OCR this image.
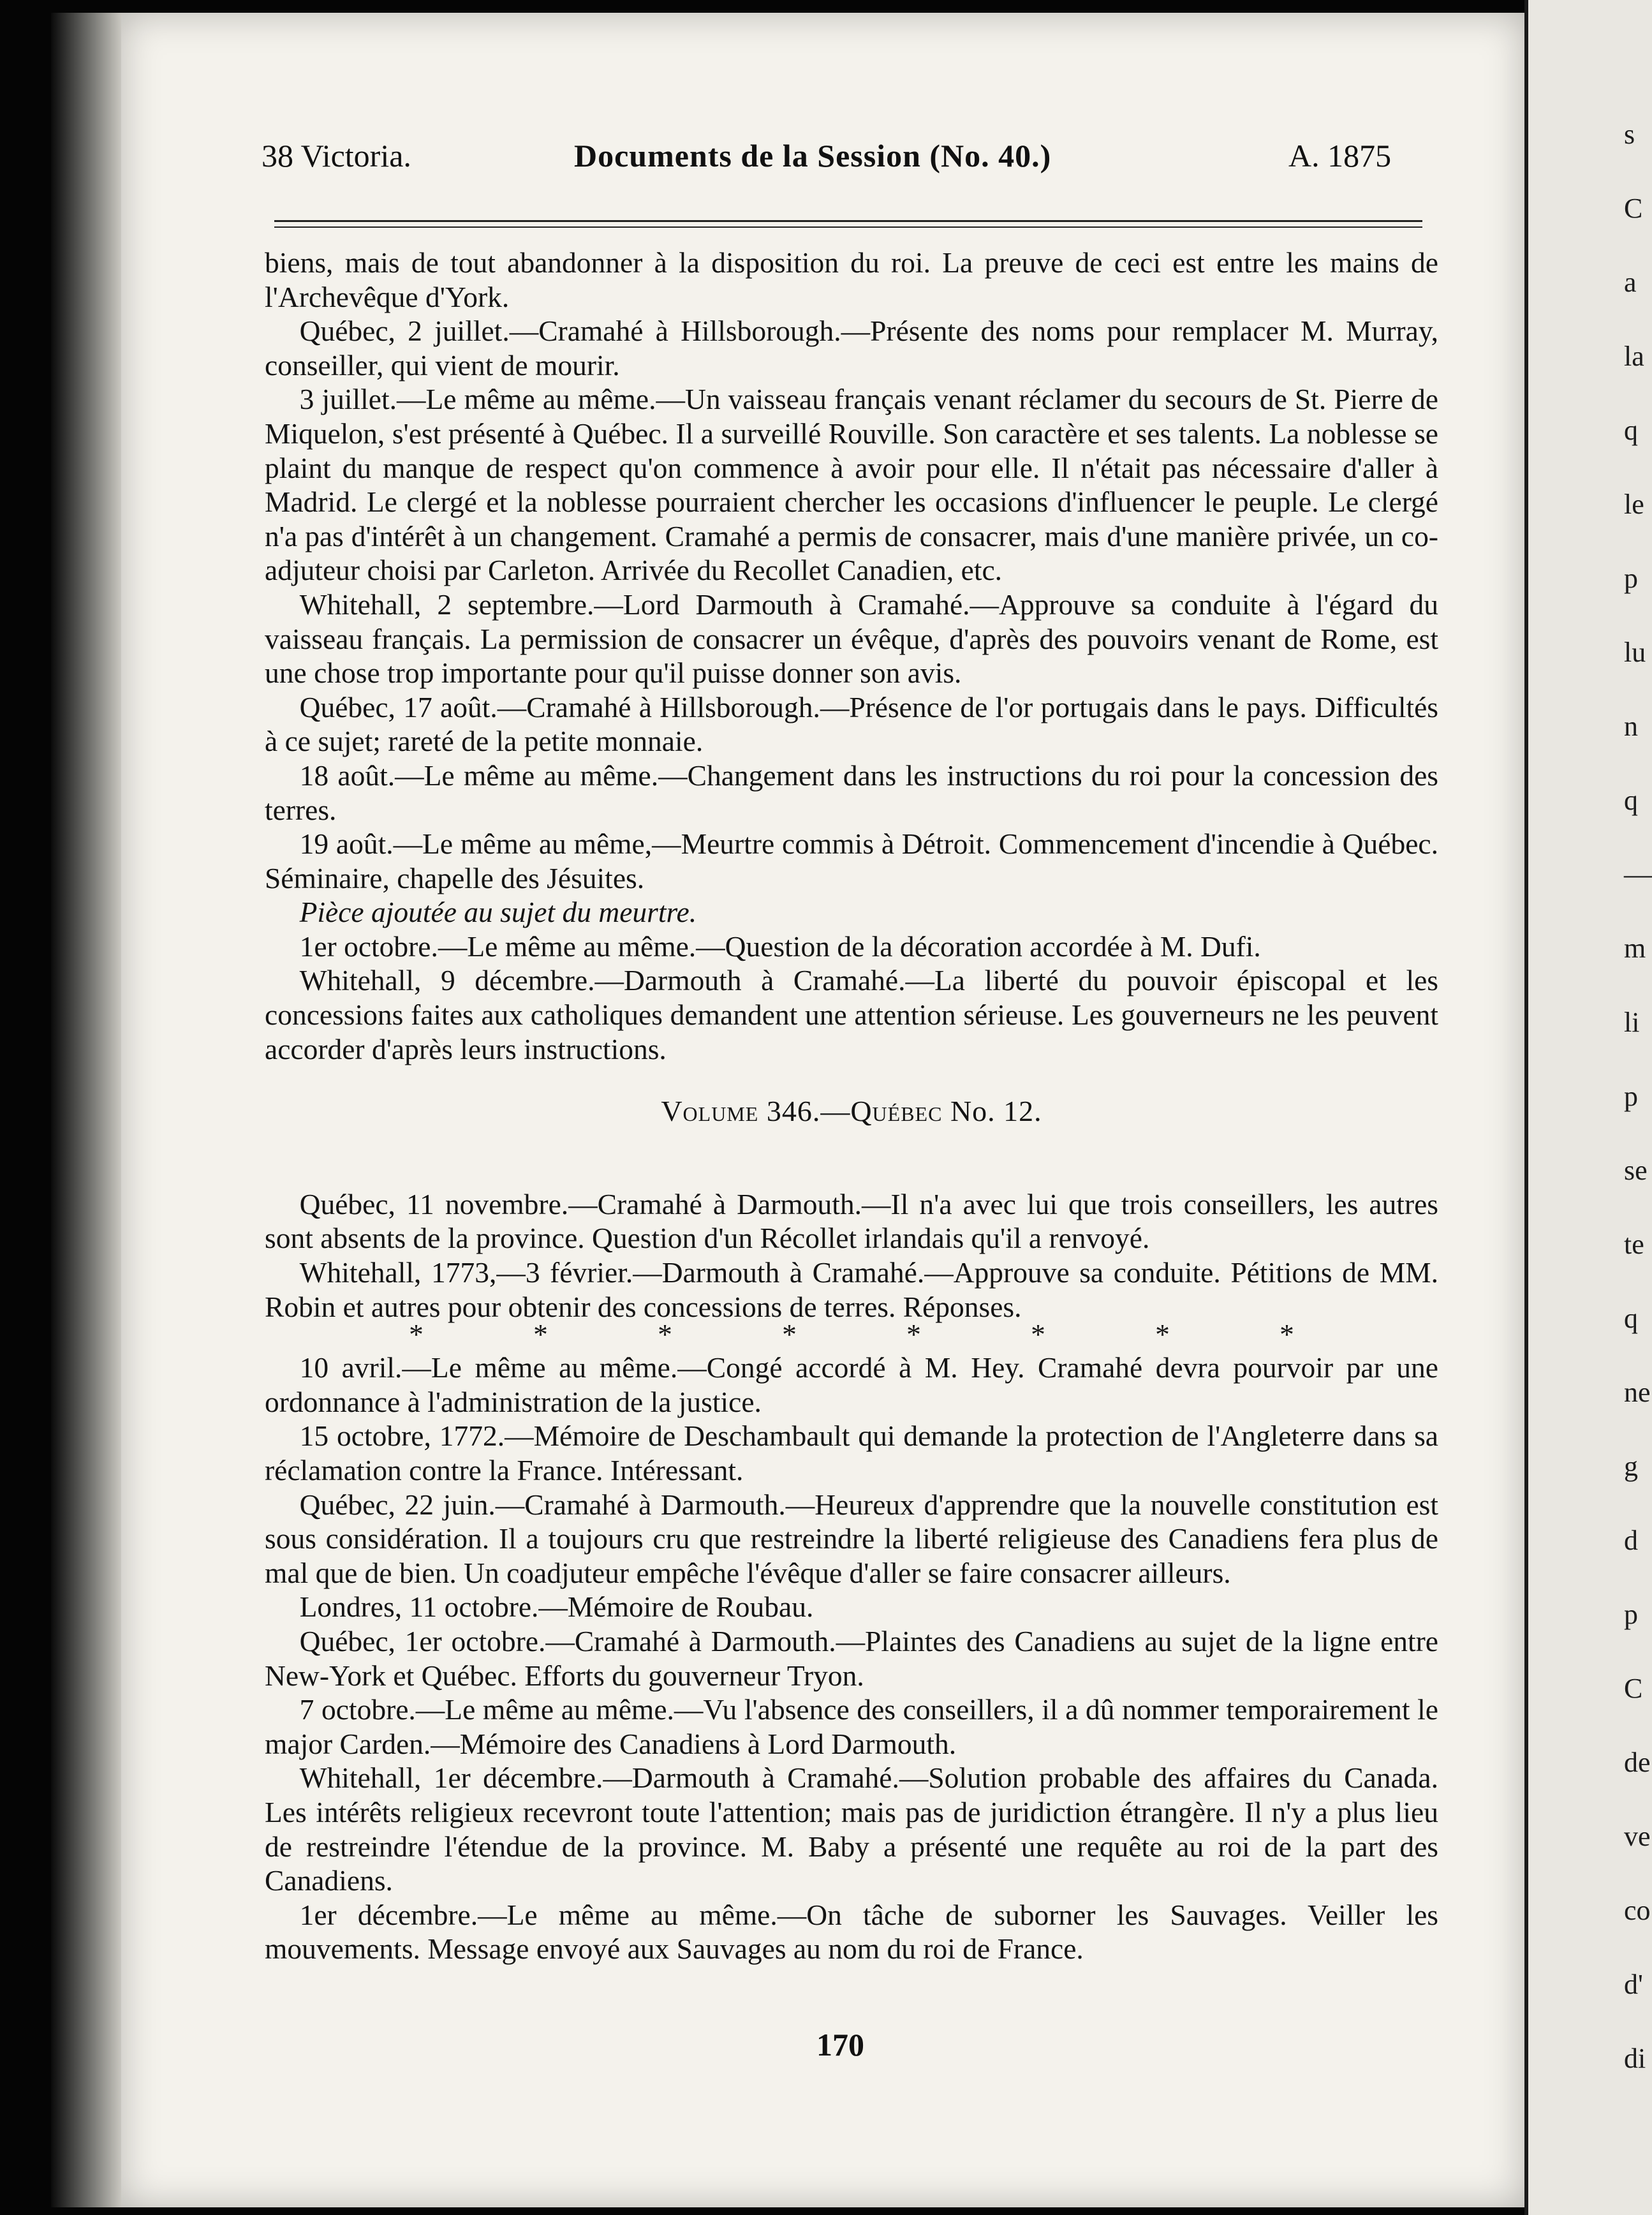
s
C
a
la
q
le
p
lu
n
q
—
m
li
p
se
te
q
ne
g
d
p
C
de
ve
co
d'
di
38 Victoria.	Documents de la Session (No. 40.)	A. 1875

biens, mais de tout abandonner à la disposition du roi. La preuve de ceci est entre les mains de l'Archevêque d'York.

Québec, 2 juillet.—Cramahé à Hillsborough.—Présente des noms pour remplacer M. Murray, conseiller, qui vient de mourir.

3 juillet.—Le même au même.—Un vaisseau français venant réclamer du secours de St. Pierre de Miquelon, s'est présenté à Québec. Il a surveillé Rouville. Son caractère et ses talents. La noblesse se plaint du manque de respect qu'on commence à avoir pour elle. Il n'était pas nécessaire d'aller à Madrid. Le clergé et la noblesse pourraient chercher les occasions d'influencer le peuple. Le clergé n'a pas d'intérêt à un changement. Cramahé a permis de consacrer, mais d'une manière privée, un co-adjuteur choisi par Carleton. Arrivée du Recollet Canadien, etc.

Whitehall, 2 septembre.—Lord Darmouth à Cramahé.—Approuve sa conduite à l'égard du vaisseau français. La permission de consacrer un évêque, d'après des pouvoirs venant de Rome, est une chose trop importante pour qu'il puisse donner son avis.

Québec, 17 août.—Cramahé à Hillsborough.—Présence de l'or portugais dans le pays. Difficultés à ce sujet; rareté de la petite monnaie.

18 août.—Le même au même.—Changement dans les instructions du roi pour la concession des terres.

19 août.—Le même au même,—Meurtre commis à Détroit. Commencement d'incendie à Québec. Séminaire, chapelle des Jésuites.

Pièce ajoutée au sujet du meurtre.

1er octobre.—Le même au même.—Question de la décoration accordée à M. Dufi.

Whitehall, 9 décembre.—Darmouth à Cramahé.—La liberté du pouvoir épiscopal et les concessions faites aux catholiques demandent une attention sérieuse. Les gouverneurs ne les peuvent accorder d'après leurs instructions.

Volume 346.—Québec No. 12.

Québec, 11 novembre.—Cramahé à Darmouth.—Il n'a avec lui que trois conseillers, les autres sont absents de la province. Question d'un Récollet irlandais qu'il a renvoyé.

Whitehall, 1773,—3 février.—Darmouth à Cramahé.—Approuve sa conduite. Pétitions de MM. Robin et autres pour obtenir des concessions de terres. Réponses.

*	*	*	*	*	*	*	*

10 avril.—Le même au même.—Congé accordé à M. Hey. Cramahé devra pourvoir par une ordonnance à l'administration de la justice.

15 octobre, 1772.—Mémoire de Deschambault qui demande la protection de l'Angleterre dans sa réclamation contre la France. Intéressant.

Québec, 22 juin.—Cramahé à Darmouth.—Heureux d'apprendre que la nouvelle constitution est sous considération. Il a toujours cru que restreindre la liberté religieuse des Canadiens fera plus de mal que de bien. Un coadjuteur empêche l'évêque d'aller se faire consacrer ailleurs.

Londres, 11 octobre.—Mémoire de Roubau.

Québec, 1er octobre.—Cramahé à Darmouth.—Plaintes des Canadiens au sujet de la ligne entre New-York et Québec. Efforts du gouverneur Tryon.

7 octobre.—Le même au même.—Vu l'absence des conseillers, il a dû nommer temporairement le major Carden.—Mémoire des Canadiens à Lord Darmouth.

Whitehall, 1er décembre.—Darmouth à Cramahé.—Solution probable des affaires du Canada. Les intérêts religieux recevront toute l'attention; mais pas de juridiction étrangère. Il n'y a plus lieu de restreindre l'étendue de la province. M. Baby a présenté une requête au roi de la part des Canadiens.

1er décembre.—Le même au même.—On tâche de suborner les Sauvages. Veiller les mouvements. Message envoyé aux Sauvages au nom du roi de France.

170
